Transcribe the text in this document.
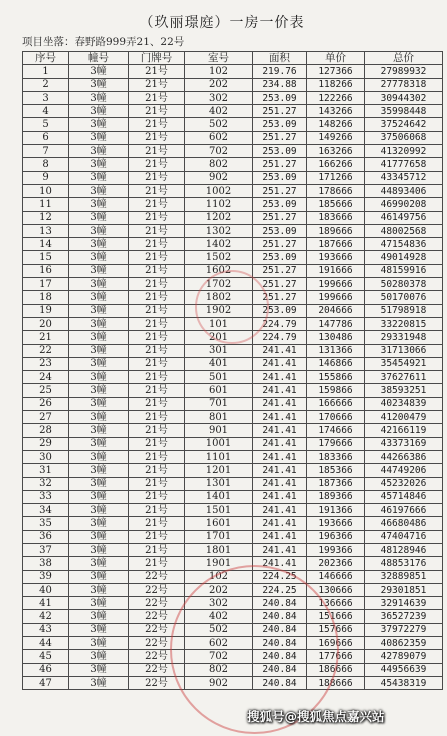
（玖丽璟庭）一房一价表
项目坐落：春野路999弄21、22号
序号	幢号	门牌号	室号	面积	单价	总价
1	3幢	21号	102	219.76	127366	27989932
2	3幢	21号	202	234.88	118266	27778318
3	3幢	21号	302	253.09	122266	30944302
4	3幢	21号	402	251.27	143266	35998448
5	3幢	21号	502	253.09	148266	37524642
6	3幢	21号	602	251.27	149266	37506068
7	3幢	21号	702	253.09	163266	41320992
8	3幢	21号	802	251.27	166266	41777658
9	3幢	21号	902	253.09	171266	43345712
10	3幢	21号	1002	251.27	178666	44893406
11	3幢	21号	1102	253.09	185666	46990208
12	3幢	21号	1202	251.27	183666	46149756
13	3幢	21号	1302	253.09	189666	48002568
14	3幢	21号	1402	251.27	187666	47154836
15	3幢	21号	1502	253.09	193666	49014928
16	3幢	21号	1602	251.27	191666	48159916
17	3幢	21号	1702	251.27	199666	50280378
18	3幢	21号	1802	251.27	199666	50170076
19	3幢	21号	1902	253.09	204666	51798918
20	3幢	21号	101	224.79	147786	33220815
21	3幢	21号	201	224.79	130486	29331948
22	3幢	21号	301	241.41	131366	31713066
23	3幢	21号	401	241.41	146866	35454921
24	3幢	21号	501	241.41	155866	37627611
25	3幢	21号	601	241.41	159866	38593251
26	3幢	21号	701	241.41	166666	40234839
27	3幢	21号	801	241.41	170666	41200479
28	3幢	21号	901	241.41	174666	42166119
29	3幢	21号	1001	241.41	179666	43373169
30	3幢	21号	1101	241.41	183366	44266386
31	3幢	21号	1201	241.41	185366	44749206
32	3幢	21号	1301	241.41	187366	45232026
33	3幢	21号	1401	241.41	189366	45714846
34	3幢	21号	1501	241.41	191366	46197666
35	3幢	21号	1601	241.41	193666	46680486
36	3幢	21号	1701	241.41	196366	47404716
37	3幢	21号	1801	241.41	199366	48128946
38	3幢	21号	1901	241.41	202366	48853176
39	3幢	22号	102	224.25	146666	32889851
40	3幢	22号	202	224.25	130666	29301851
41	3幢	22号	302	240.84	136666	32914639
42	3幢	22号	402	240.84	151666	36527239
43	3幢	22号	502	240.84	157666	37972279
44	3幢	22号	602	240.84	169666	40862359
45	3幢	22号	702	240.84	177666	42789079
46	3幢	22号	802	240.84	186666	44956639
47	3幢	22号	902	240.84	188666	45438319
搜狐号@搜狐焦点嘉兴站
